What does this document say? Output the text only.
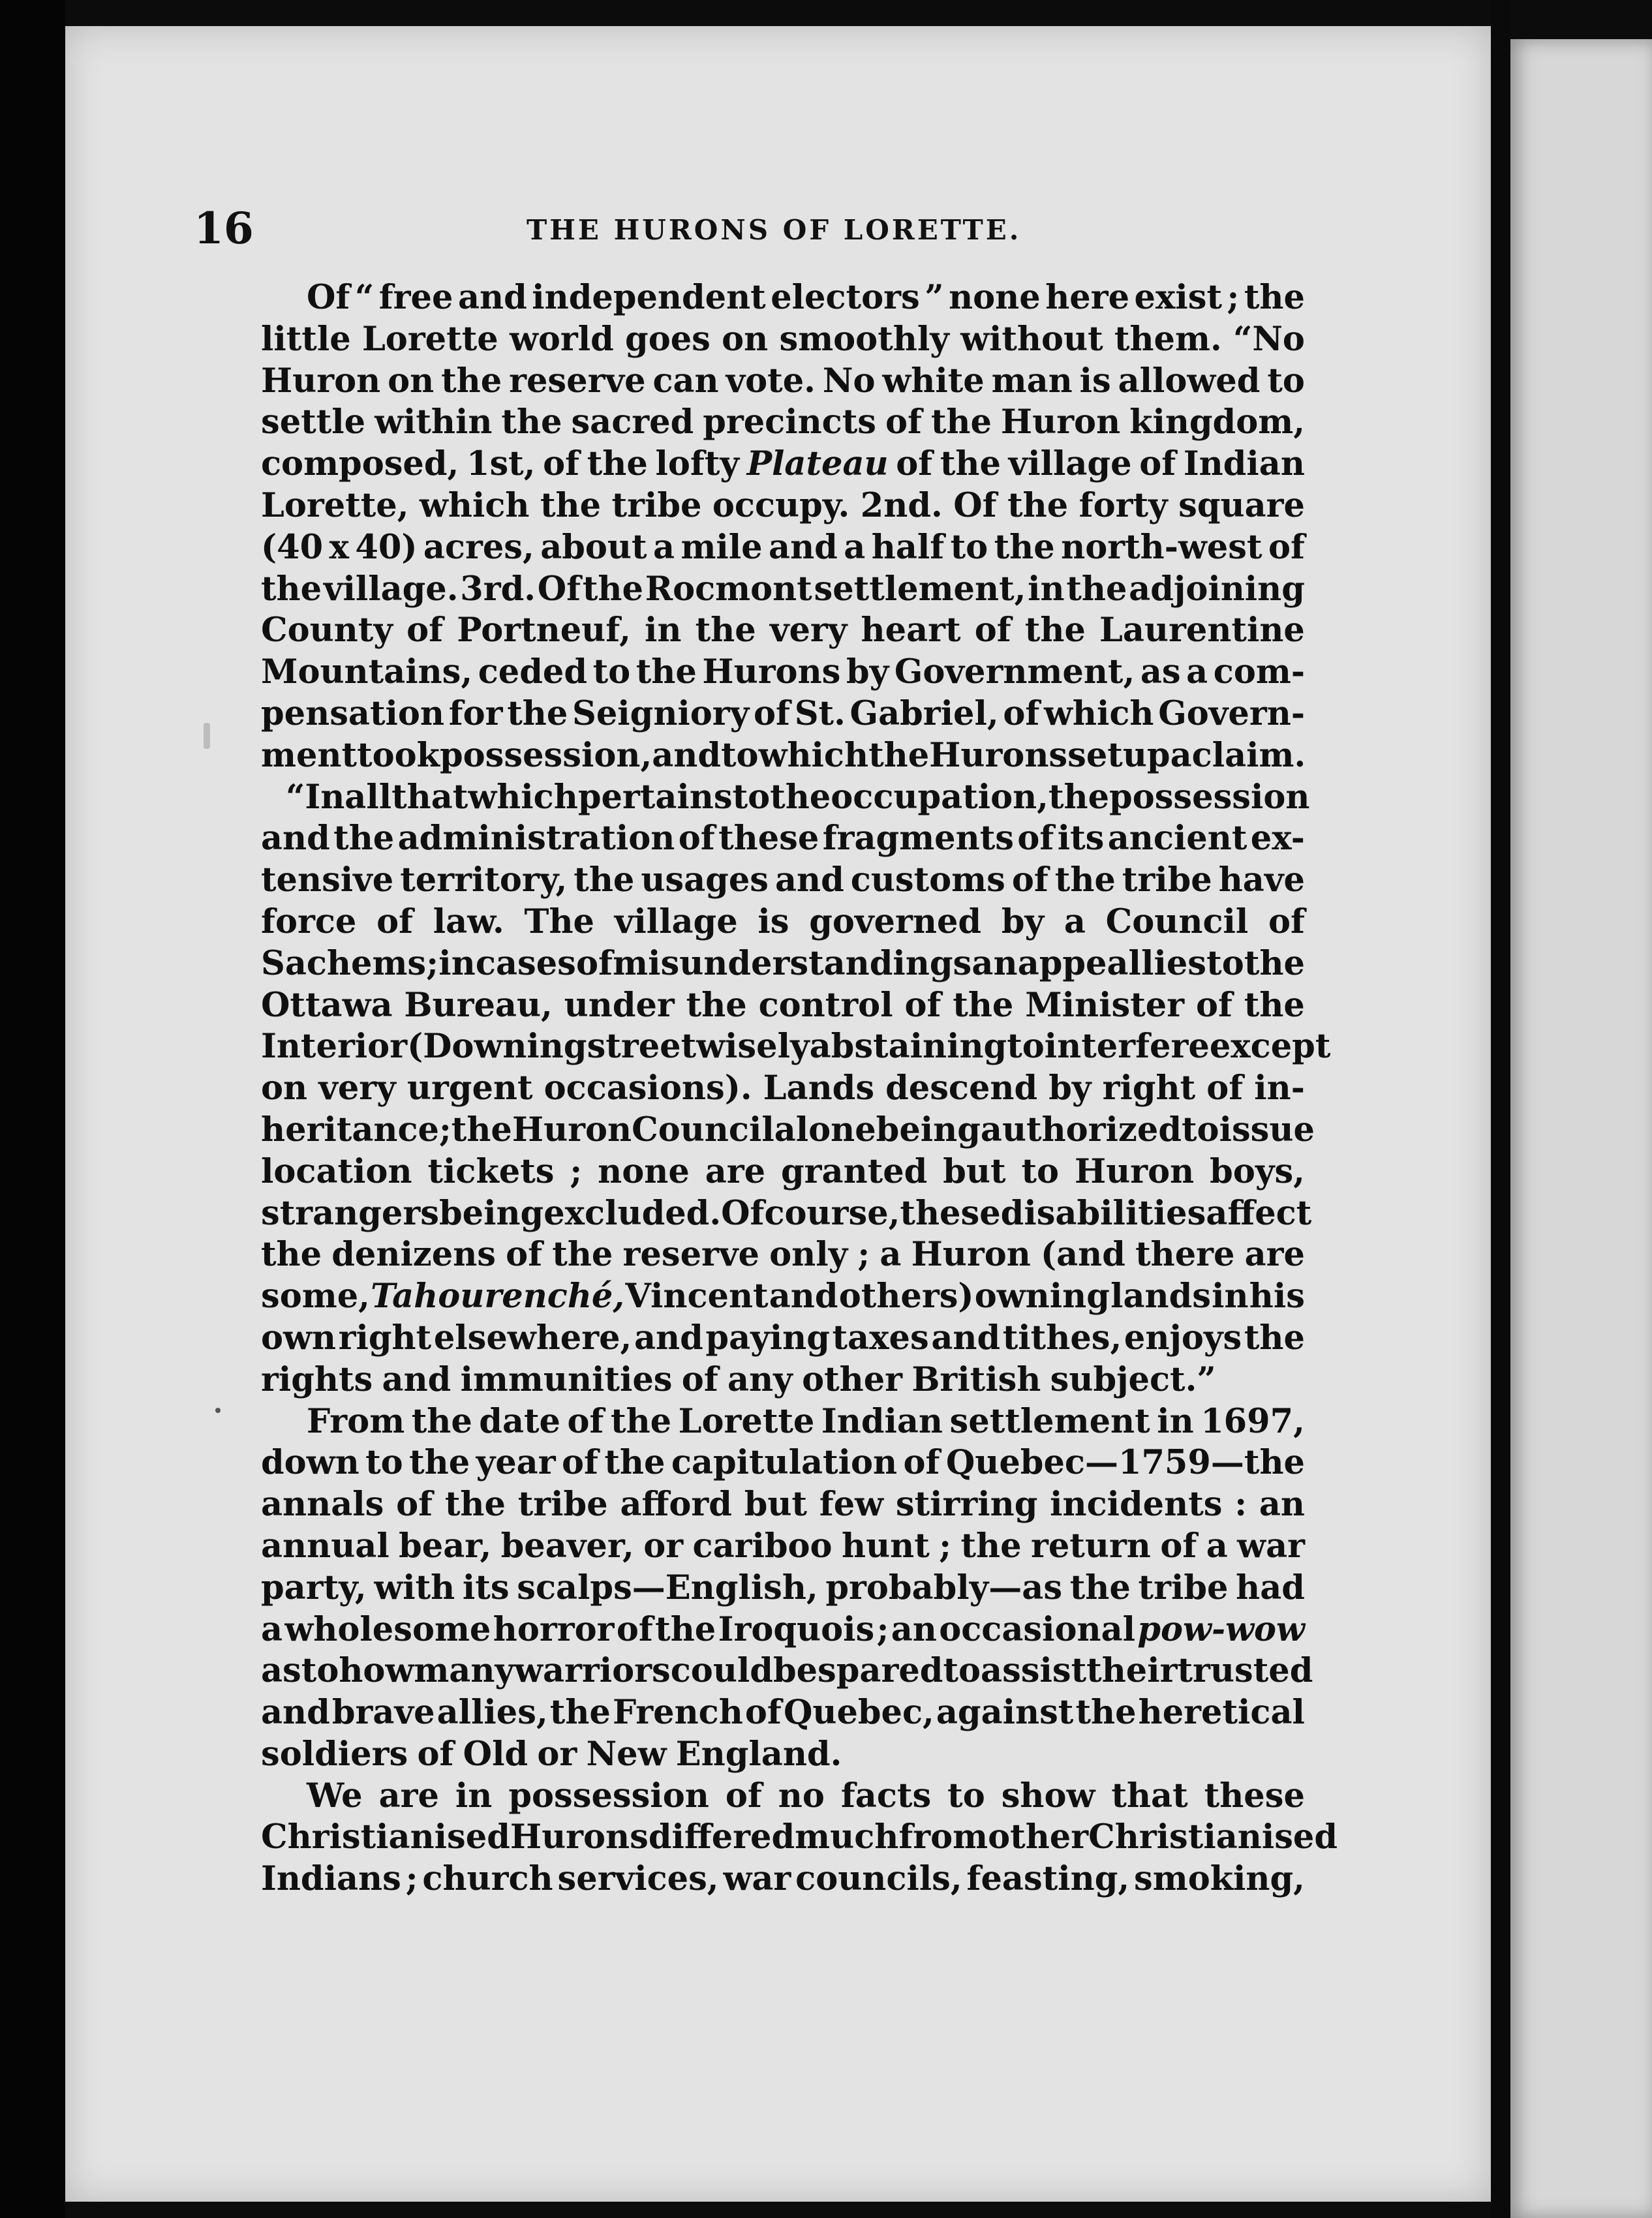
16	THE HURONS OF LORETTE.
Of “ free and independent electors ” none here exist ; the
little Lorette world goes on smoothly without them. “No
Huron on the reserve can vote. No white man is allowed to
settle within the sacred precincts of the Huron kingdom,
composed, 1st, of the lofty Plateau of the village of Indian
Lorette, which the tribe occupy. 2nd. Of the forty square
(40 x 40) acres, about a mile and a half to the north-west of
the village. 3rd. Of the Rocmont settlement, in the adjoining
County of Portneuf, in the very heart of the Laurentine
Mountains, ceded to the Hurons by Government, as a com-
pensation for the Seigniory of St. Gabriel, of which Govern-
ment took possession, and to which the Hurons set up a claim.
“ In all that which pertains to the occupation, the possession
and the administration of these fragments of its ancient ex-
tensive territory, the usages and customs of the tribe have
force of law. The village is governed by a Council of
Sachems ; in cases of misunderstandings an appeal lies to the
Ottawa Bureau, under the control of the Minister of the
Interior (Downing street wisely abstaining to interfere except
on very urgent occasions). Lands descend by right of in-
heritance ; the Huron Council alone being authorized to issue
location tickets ; none are granted but to Huron boys,
strangers being excluded. Of course, these disabilities affect
the denizens of the reserve only ; a Huron (and there are
some, Tahourenché, Vincent and others) owning lands in his
own right elsewhere, and paying taxes and tithes, enjoys the
rights and immunities of any other British subject.”
From the date of the Lorette Indian settlement in 1697,
down to the year of the capitulation of Quebec—1759—the
annals of the tribe afford but few stirring incidents : an
annual bear, beaver, or cariboo hunt ; the return of a war
party, with its scalps—English, probably—as the tribe had
a wholesome horror of the Iroquois ; an occasional pow-wow
as to how many warriors could be spared to assist their trusted
and brave allies, the French of Quebec, against the heretical
soldiers of Old or New England.
We are in possession of no facts to show that these
Christianised Hurons differed much from other Christianised
Indians ; church services, war councils, feasting, smoking,
